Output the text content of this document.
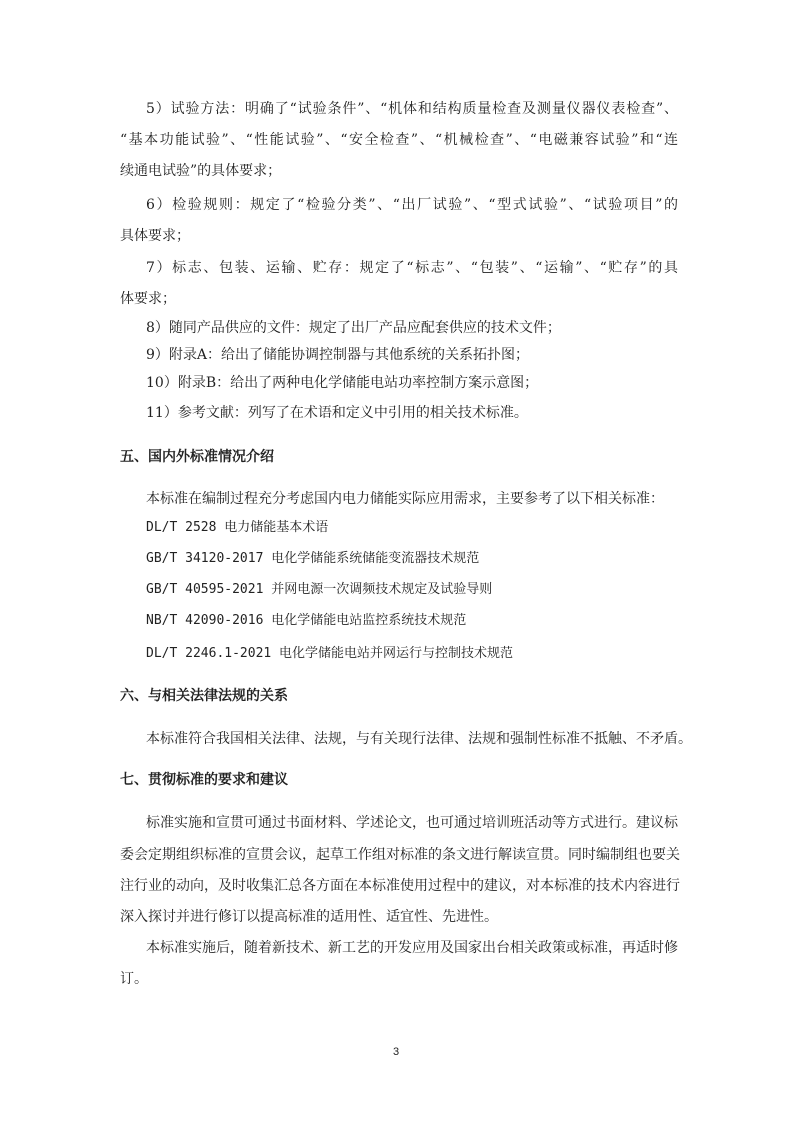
5）试验方法：明确了“试验条件”、“机体和结构质量检查及测量仪器仪表检查”、
“基本功能试验”、“性能试验”、“安全检查”、“机械检查”、“电磁兼容试验”和“连
续通电试验”的具体要求；
6）检验规则：规定了“检验分类”、“出厂试验”、“型式试验”、“试验项目”的
具体要求；
7）标志、包装、运输、贮存：规定了“标志”、“包装”、“运输”、“贮存”的具
体要求；
8）随同产品供应的文件：规定了出厂产品应配套供应的技术文件；
9）附录A：给出了储能协调控制器与其他系统的关系拓扑图；
10）附录B：给出了两种电化学储能电站功率控制方案示意图；
11）参考文献：列写了在术语和定义中引用的相关技术标准。
五、国内外标准情况介绍
本标准在编制过程充分考虑国内电力储能实际应用需求，主要参考了以下相关标准：
DL/T 2528 电力储能基本术语
GB/T 34120-2017 电化学储能系统储能变流器技术规范
GB/T 40595-2021 并网电源一次调频技术规定及试验导则
NB/T 42090-2016 电化学储能电站监控系统技术规范
DL/T 2246.1-2021 电化学储能电站并网运行与控制技术规范
六、与相关法律法规的关系
本标准符合我国相关法律、法规，与有关现行法律、法规和强制性标准不抵触、不矛盾。
七、贯彻标准的要求和建议
标准实施和宣贯可通过书面材料、学述论文，也可通过培训班活动等方式进行。建议标
委会定期组织标准的宣贯会议，起草工作组对标准的条文进行解读宣贯。同时编制组也要关
注行业的动向，及时收集汇总各方面在本标准使用过程中的建议，对本标准的技术内容进行
深入探讨并进行修订以提高标准的适用性、适宜性、先进性。
本标准实施后，随着新技术、新工艺的开发应用及国家出台相关政策或标准，再适时修
订。
3
